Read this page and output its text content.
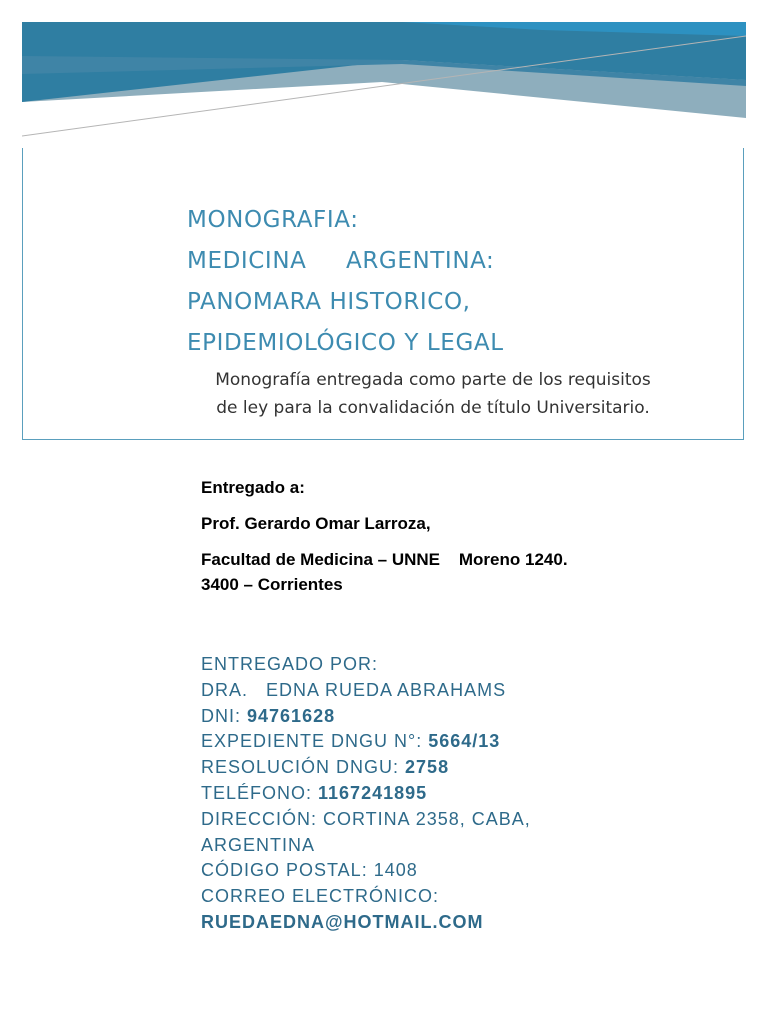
MONOGRAFIA:
MEDICINA     ARGENTINA:
PANOMARA HISTORICO,
EPIDEMIOLÓGICO Y LEGAL

Monografía entregada como parte de los requisitos
de ley para la convalidación de título Universitario.

Entregado a:
Prof. Gerardo Omar Larroza,
Facultad de Medicina – UNNE    Moreno 1240.
3400 – Corrientes
ENTREGADO POR:
DRA.   EDNA RUEDA ABRAHAMS
DNI: 94761628
EXPEDIENTE DNGU N°: 5664/13
RESOLUCIÓN DNGU: 2758
TELÉFONO: 1167241895
DIRECCIÓN: CORTINA 2358, CABA,
ARGENTINA
CÓDIGO POSTAL: 1408
CORREO ELECTRÓNICO:
RUEDAEDNA@HOTMAIL.COM
